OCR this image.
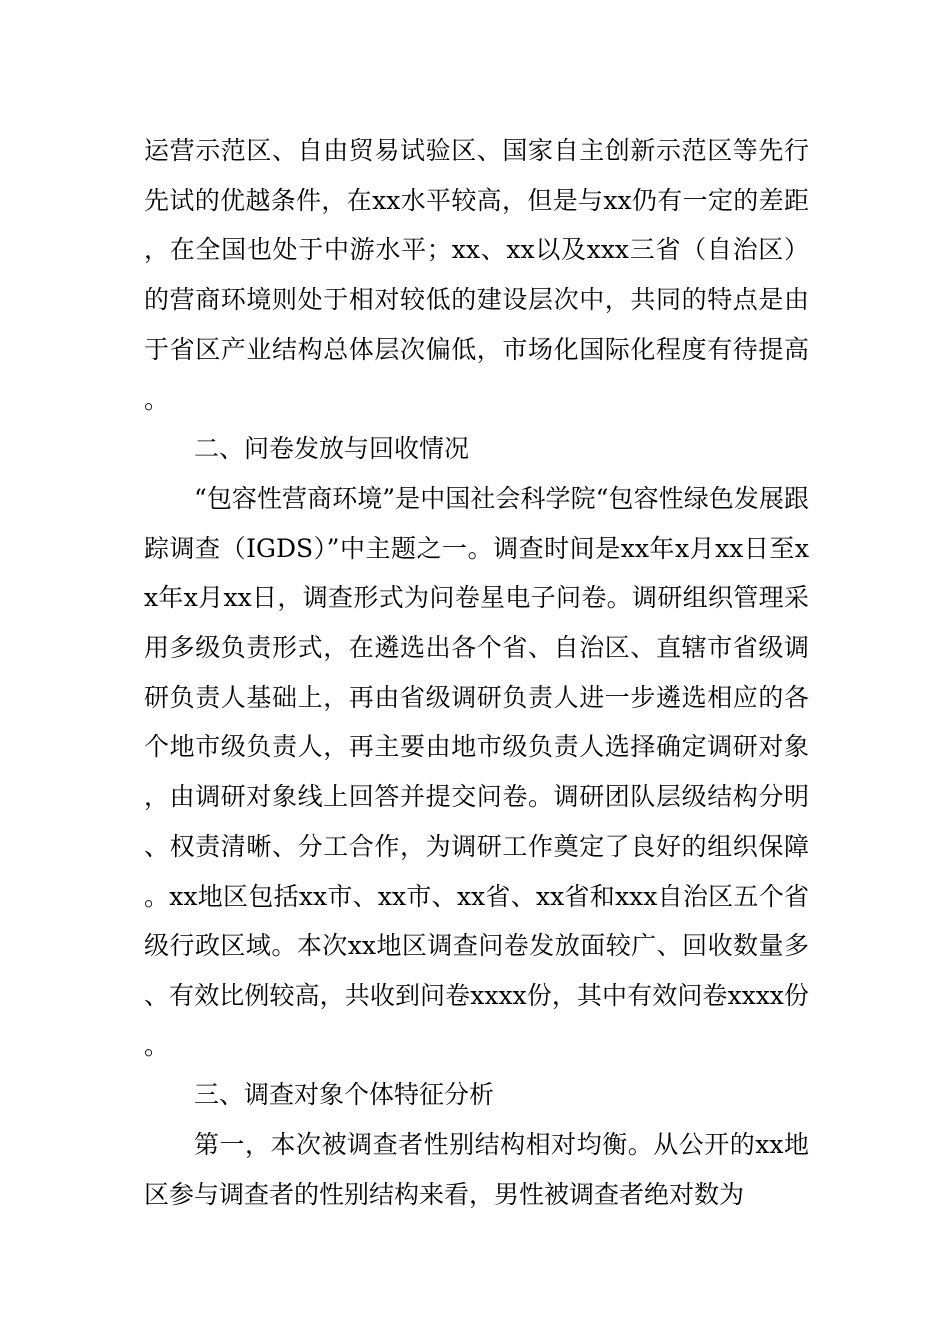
运营示范区、自由贸易试验区、国家自主创新示范区等先行先试的优越条件，在xx水平较高，但是与xx仍有一定的差距，在全国也处于中游水平；xx、xx以及xxx三省（自治区）的营商环境则处于相对较低的建设层次中，共同的特点是由于省区产业结构总体层次偏低，市场化国际化程度有待提高。

二、问卷发放与回收情况

“包容性营商环境”是中国社会科学院“包容性绿色发展跟踪调查（IGDS）”中主题之一。调查时间是xx年x月xx日至xx年x月xx日，调查形式为问卷星电子问卷。调研组织管理采用多级负责形式，在遴选出各个省、自治区、直辖市省级调研负责人基础上，再由省级调研负责人进一步遴选相应的各个地市级负责人，再主要由地市级负责人选择确定调研对象，由调研对象线上回答并提交问卷。调研团队层级结构分明、权责清晰、分工合作，为调研工作奠定了良好的组织保障。xx地区包括xx市、xx市、xx省、xx省和xxx自治区五个省级行政区域。本次xx地区调查问卷发放面较广、回收数量多、有效比例较高，共收到问卷xxxx份，其中有效问卷xxxx份。

三、调查对象个体特征分析

第一，本次被调查者性别结构相对均衡。从公开的xx地区参与调查者的性别结构来看，男性被调查者绝对数为
